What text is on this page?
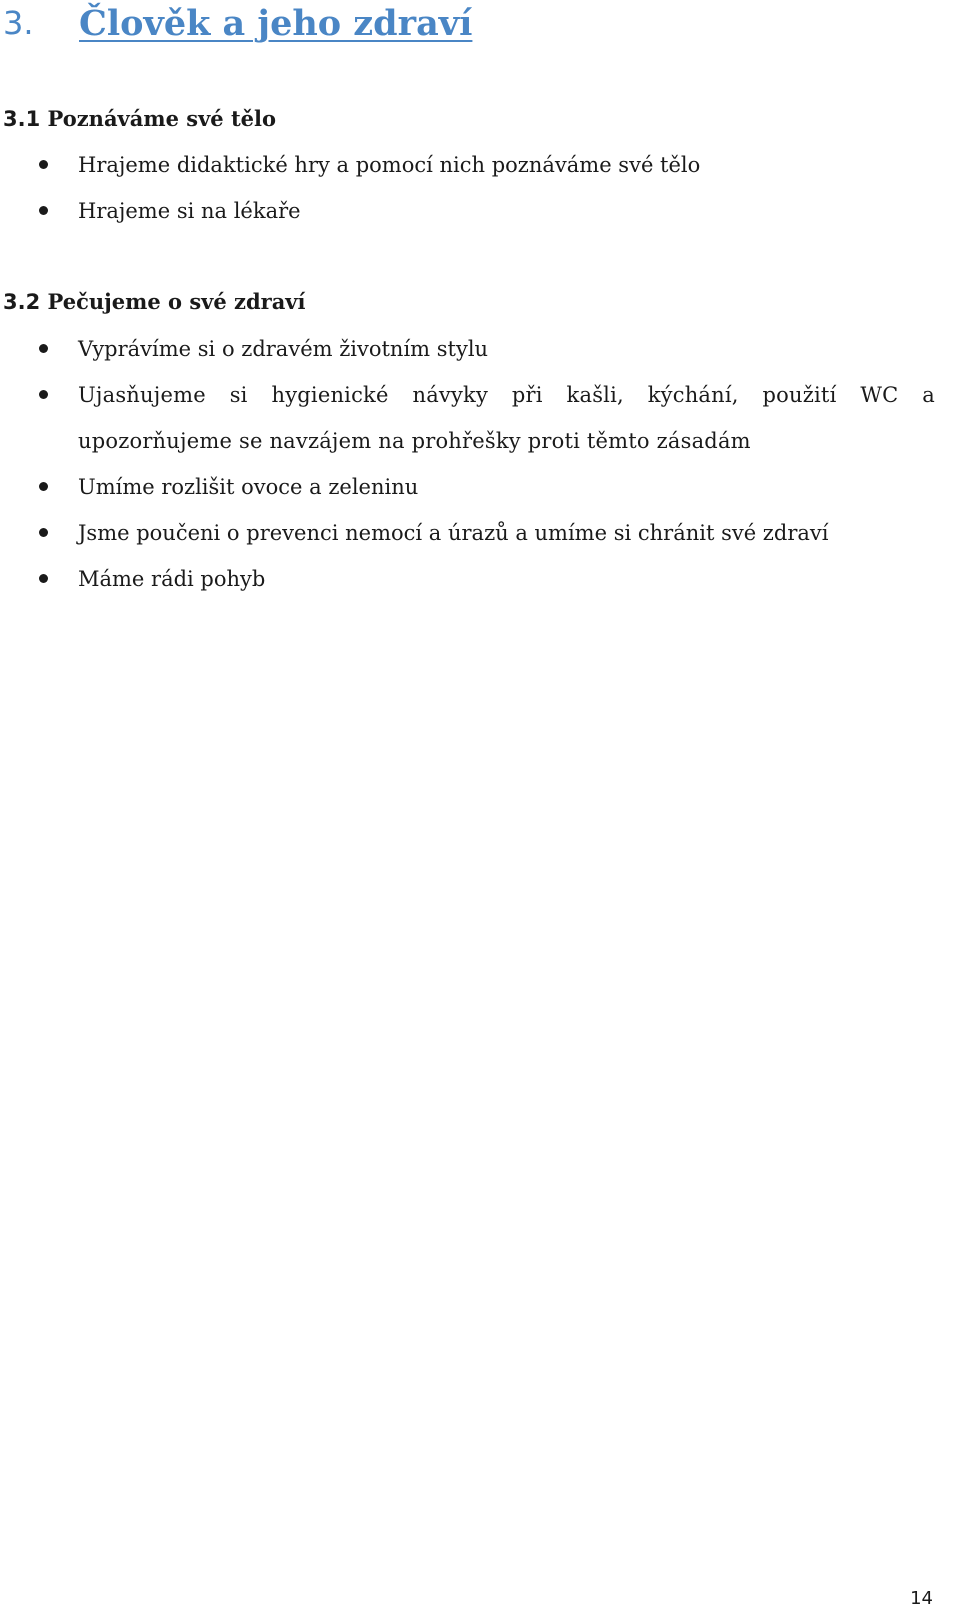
3.	Člověk a jeho zdraví
3.1 Poznáváme své tělo
Hrajeme didaktické hry a pomocí nich poznáváme své tělo
Hrajeme si na lékaře
3.2 Pečujeme o své zdraví
Vyprávíme si o zdravém životním stylu
Ujasňujeme si hygienické návyky při kašli, kýchání, použití WC a upozorňujeme se navzájem na prohřešky proti těmto zásadám
Umíme rozlišit ovoce a zeleninu
Jsme poučeni o prevenci nemocí a úrazů a umíme si chránit své zdraví
Máme rádi pohyb
14
